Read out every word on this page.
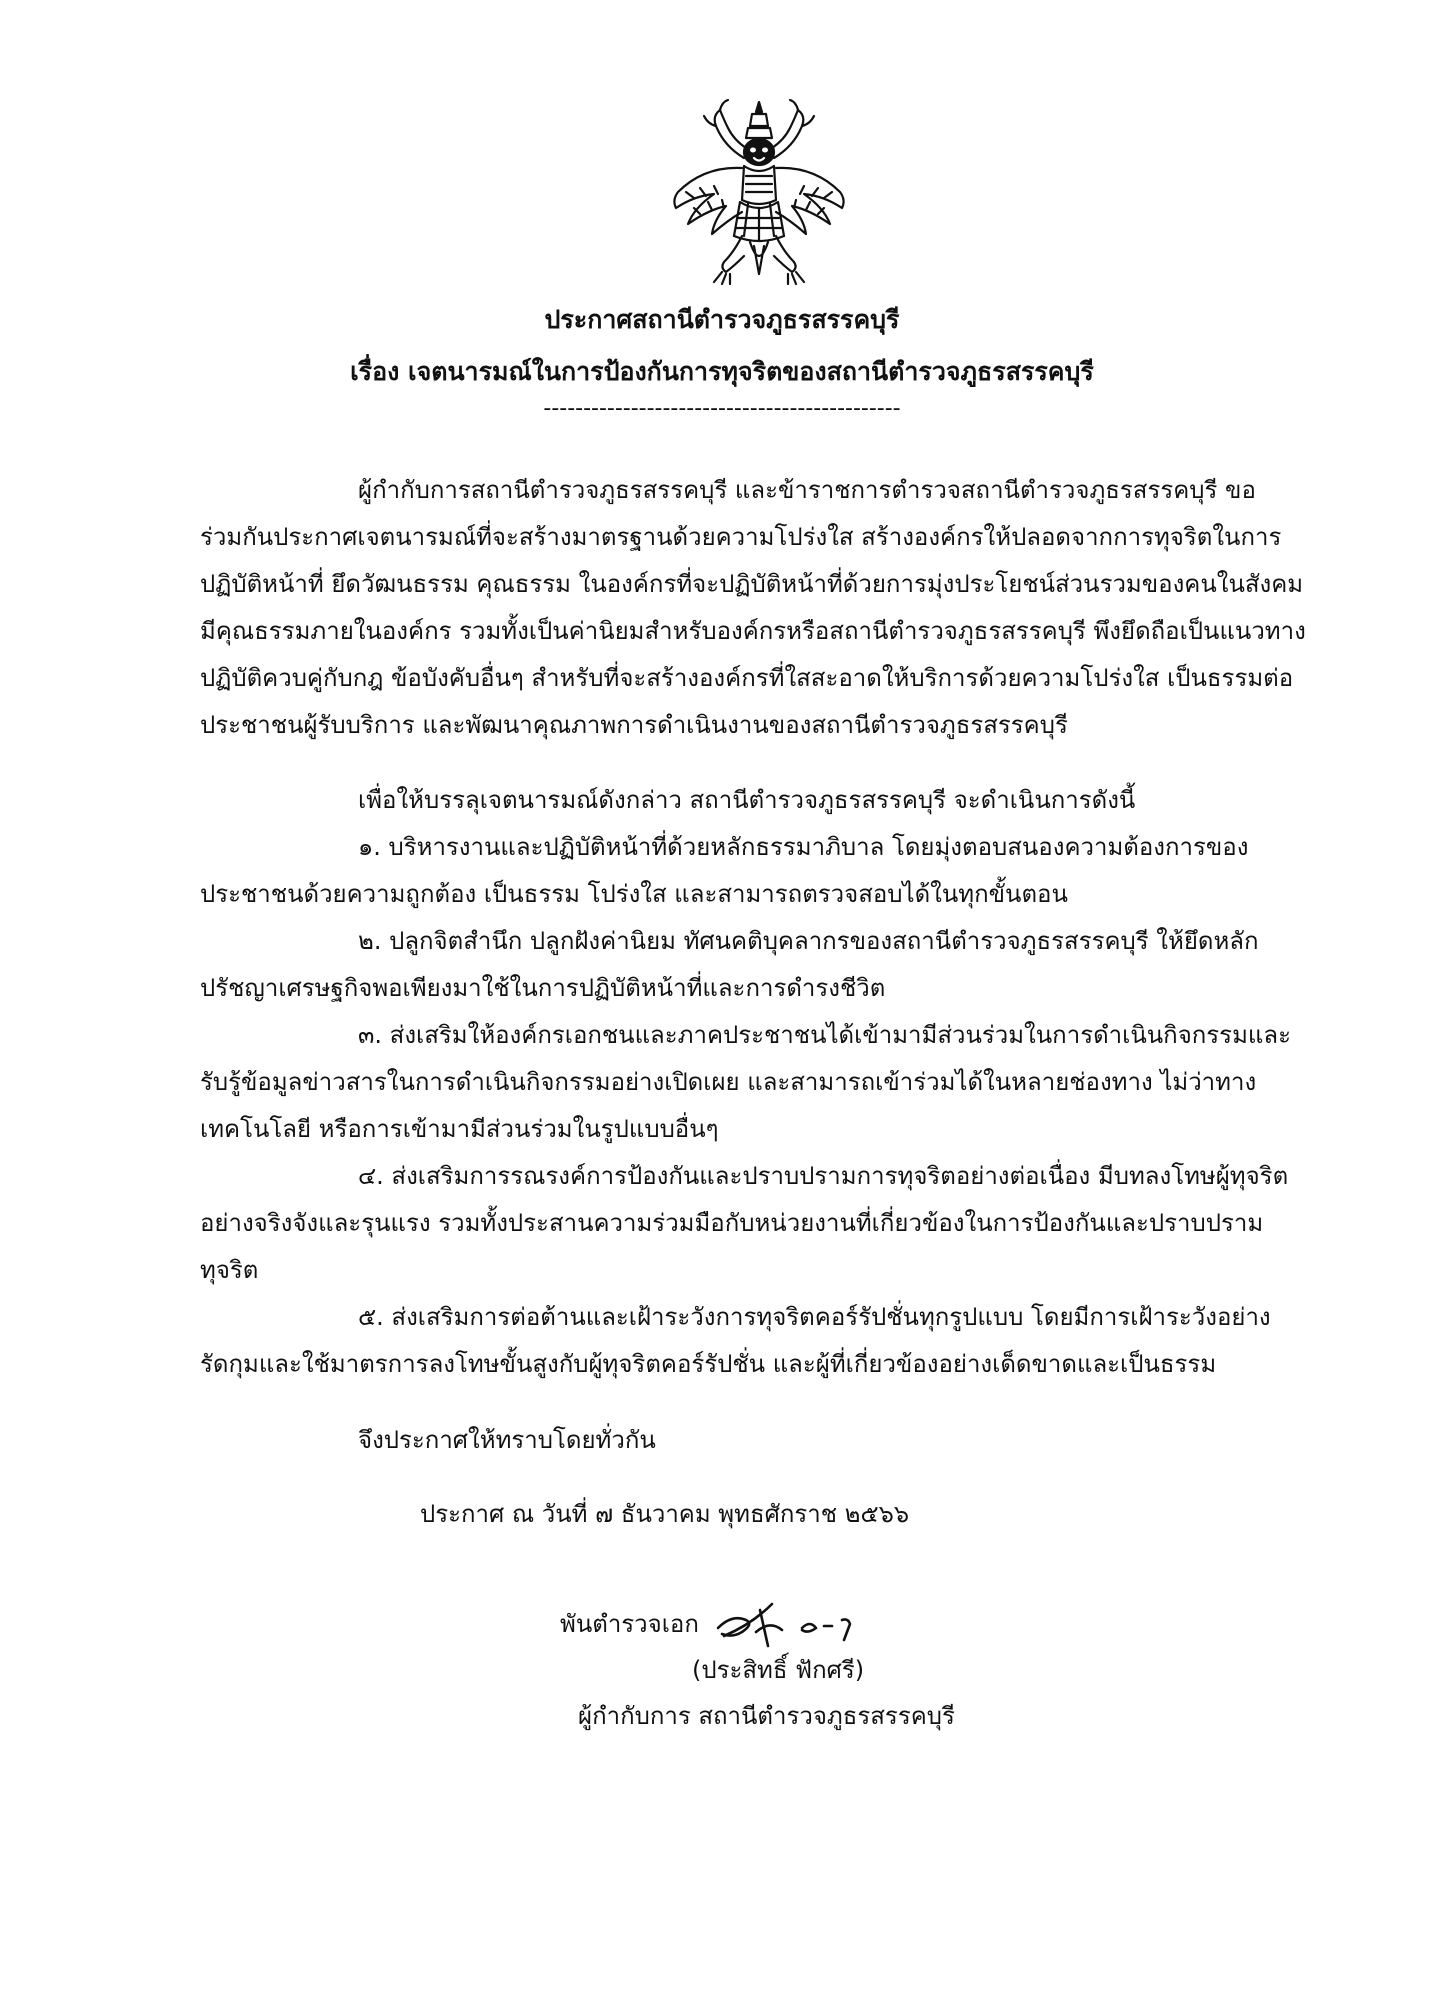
ประกาศสถานีตำรวจภูธรสรรคบุรี
เรื่อง เจตนารมณ์ในการป้องกันการทุจริตของสถานีตำรวจภูธรสรรคบุรี
---------------------------------------------
ผู้กำกับการสถานีตำรวจภูธรสรรคบุรี และข้าราชการตำรวจสถานีตำรวจภูธรสรรคบุรี ขอ
ร่วมกันประกาศเจตนารมณ์ที่จะสร้างมาตรฐานด้วยความโปร่งใส สร้างองค์กรให้ปลอดจากการทุจริตในการ
ปฏิบัติหน้าที่ ยึดวัฒนธรรม คุณธรรม ในองค์กรที่จะปฏิบัติหน้าที่ด้วยการมุ่งประโยชน์ส่วนรวมของคนในสังคม
มีคุณธรรมภายในองค์กร รวมทั้งเป็นค่านิยมสำหรับองค์กรหรือสถานีตำรวจภูธรสรรคบุรี พึงยึดถือเป็นแนวทาง
ปฏิบัติควบคู่กับกฎ ข้อบังคับอื่นๆ สำหรับที่จะสร้างองค์กรที่ใสสะอาดให้บริการด้วยความโปร่งใส เป็นธรรมต่อ
ประชาชนผู้รับบริการ และพัฒนาคุณภาพการดำเนินงานของสถานีตำรวจภูธรสรรคบุรี
เพื่อให้บรรลุเจตนารมณ์ดังกล่าว สถานีตำรวจภูธรสรรคบุรี จะดำเนินการดังนี้
๑. บริหารงานและปฏิบัติหน้าที่ด้วยหลักธรรมาภิบาล โดยมุ่งตอบสนองความต้องการของ
ประชาชนด้วยความถูกต้อง เป็นธรรม โปร่งใส และสามารถตรวจสอบได้ในทุกขั้นตอน
๒. ปลูกจิตสำนึก ปลูกฝังค่านิยม ทัศนคติบุคลากรของสถานีตำรวจภูธรสรรคบุรี ให้ยึดหลัก
ปรัชญาเศรษฐกิจพอเพียงมาใช้ในการปฏิบัติหน้าที่และการดำรงชีวิต
๓. ส่งเสริมให้องค์กรเอกชนและภาคประชาชนได้เข้ามามีส่วนร่วมในการดำเนินกิจกรรมและ
รับรู้ข้อมูลข่าวสารในการดำเนินกิจกรรมอย่างเปิดเผย และสามารถเข้าร่วมได้ในหลายช่องทาง ไม่ว่าทาง
เทคโนโลยี หรือการเข้ามามีส่วนร่วมในรูปแบบอื่นๆ
๔. ส่งเสริมการรณรงค์การป้องกันและปราบปรามการทุจริตอย่างต่อเนื่อง มีบทลงโทษผู้ทุจริต
อย่างจริงจังและรุนแรง รวมทั้งประสานความร่วมมือกับหน่วยงานที่เกี่ยวข้องในการป้องกันและปราบปราม
ทุจริต
๕. ส่งเสริมการต่อต้านและเฝ้าระวังการทุจริตคอร์รัปชั่นทุกรูปแบบ โดยมีการเฝ้าระวังอย่าง
รัดกุมและใช้มาตรการลงโทษขั้นสูงกับผู้ทุจริตคอร์รัปชั่น และผู้ที่เกี่ยวข้องอย่างเด็ดขาดและเป็นธรรม
จึงประกาศให้ทราบโดยทั่วกัน
ประกาศ ณ วันที่ ๗ ธันวาคม พุทธศักราช ๒๕๖๖
พันตำรวจเอก
(ประสิทธิ์ ฟักศรี)
ผู้กำกับการ สถานีตำรวจภูธรสรรคบุรี
